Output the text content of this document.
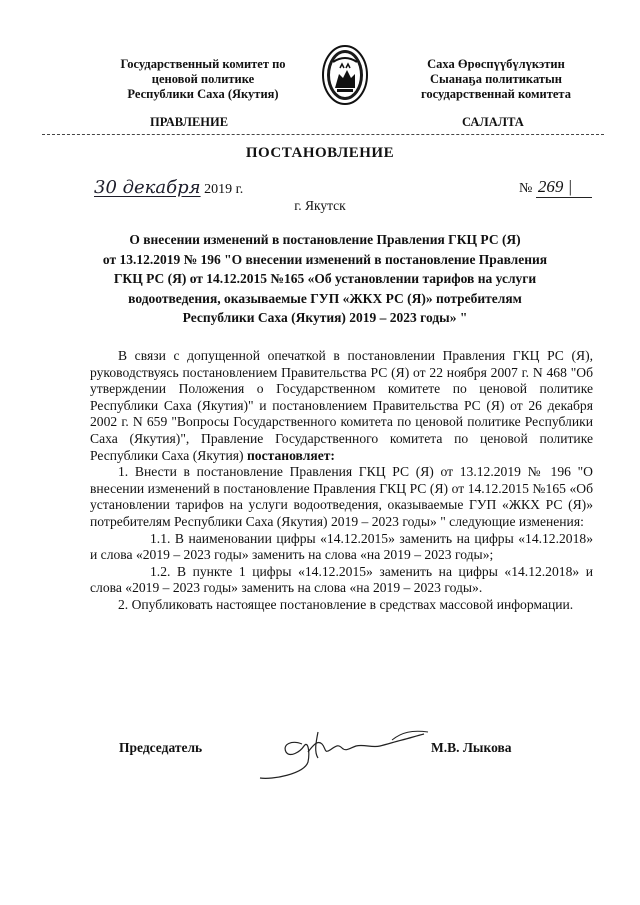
Государственный комитет по
ценовой политике
Республики Саха (Якутия)
Саха Өрөспүүбүлүкэтин
Сыанаҕа политикатын
государственнай комитета
ПРАВЛЕНИЕ	САЛАЛТА
ПОСТАНОВЛЕНИЕ
30 декабря 2019 г.	№ 269 |
г. Якутск
О внесении изменений в постановление Правления ГКЦ РС (Я)
от 13.12.2019 № 196 "О внесении изменений в постановление Правления
ГКЦ РС (Я) от 14.12.2015 №165 «Об установлении тарифов на услуги
водоотведения, оказываемые ГУП «ЖКХ РС (Я)» потребителям
Республики Саха (Якутия) 2019 – 2023 годы» "

В связи с допущенной опечаткой в постановлении Правления ГКЦ РС (Я), руководствуясь постановлением Правительства РС (Я) от 22 ноября 2007 г. N 468 "Об утверждении Положения о Государственном комитете по ценовой политике Республики Саха (Якутия)" и постановлением Правительства РС (Я) от 26 декабря 2002 г. N 659 "Вопросы Государственного комитета по ценовой политике Республики Саха (Якутия)", Правление Государственного комитета по ценовой политике Республики Саха (Якутия) постановляет:

1. Внести в постановление Правления ГКЦ РС (Я) от 13.12.2019 № 196 "О внесении изменений в постановление Правления ГКЦ РС (Я) от 14.12.2015 №165 «Об установлении тарифов на услуги водоотведения, оказываемые ГУП «ЖКХ РС (Я)» потребителям Республики Саха (Якутия) 2019 – 2023 годы» " следующие изменения:

1.1. В наименовании цифры «14.12.2015» заменить на цифры «14.12.2018» и слова «2019 – 2023 годы» заменить на слова «на 2019 – 2023 годы»;

1.2. В пункте 1 цифры «14.12.2015» заменить на цифры «14.12.2018» и слова «2019 – 2023 годы» заменить на слова «на 2019 – 2023 годы».

2. Опубликовать настоящее постановление в средствах массовой информации.

Председатель	М.В. Лыкова
